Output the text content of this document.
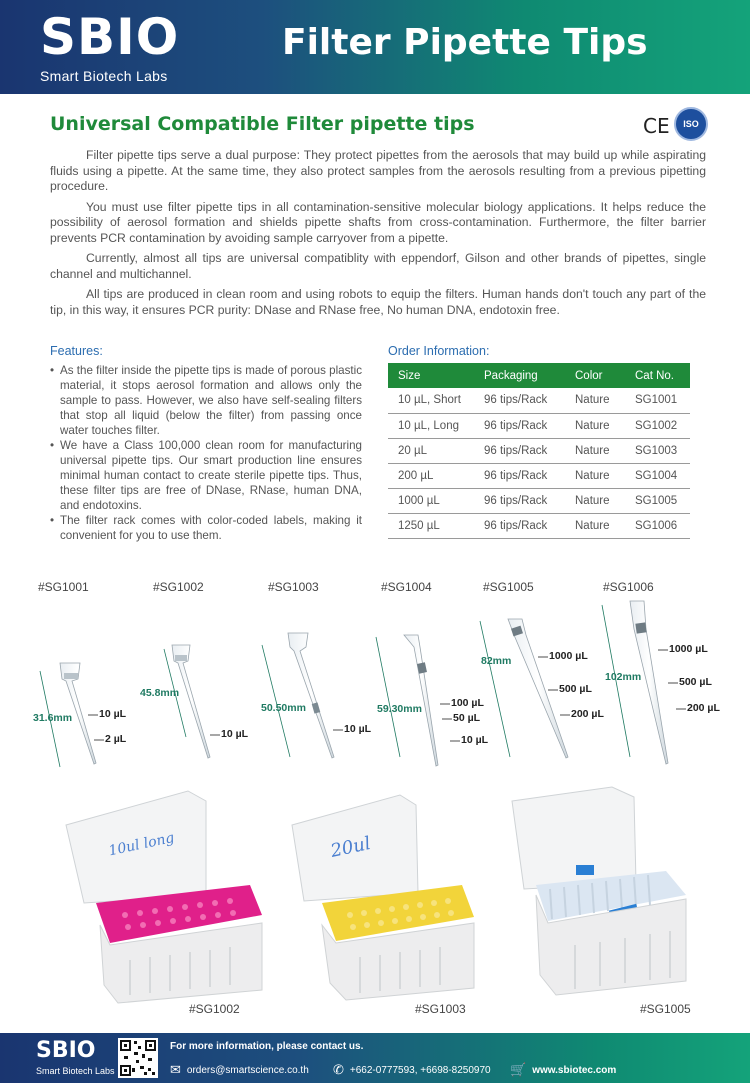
SBIO
Smart Biotech Labs
Filter Pipette Tips
Universal Compatible Filter pipette tips	CE	ISO

Filter pipette tips serve a dual purpose: They protect pipettes from the aerosols that may build up while aspirating fluids using a pipette. At the same time, they also protect samples from the aerosols resulting from a previous pipetting procedure.

You must use filter pipette tips in all contamination-sensitive molecular biology applications. It helps reduce the possibility of aerosol formation and shields pipette shafts from cross-contamination. Furthermore, the filter barrier prevents PCR contamination by avoiding sample carryover from a pipette.

Currently, almost all tips are universal compatiblity with eppendorf, Gilson and other brands of pipettes, single channel and multichannel.

All tips are produced in clean room and using robots to equip the filters. Human hands don't touch any part of the tip, in this way, it ensures PCR purity: DNase and RNase free, No human DNA, endotoxin free.

Features:
• As the filter inside the pipette tips is made of porous plastic material, it stops aerosol formation and allows only the sample to pass. However, we also have self-sealing filters that stop all liquid (below the filter) from passing once water touches filter.
• We have a Class 100,000 clean room for manufacturing universal pipette tips. Our smart production line ensures minimal human contact to create sterile pipette tips. Thus, these filter tips are free of DNase, RNase, human DNA, and endotoxins.
• The filter rack comes with color-coded labels, making it convenient for you to use them.
Order Information:
Size	Packaging	Color	Cat No.
10 µL, Short	96 tips/Rack	Nature	SG1001
10 µL, Long	96 tips/Rack	Nature	SG1002
20 µL	96 tips/Rack	Nature	SG1003
200 µL	96 tips/Rack	Nature	SG1004
1000 µL	96 tips/Rack	Nature	SG1005
1250 µL	96 tips/Rack	Nature	SG1006
#SG1001	#SG1002	#SG1003	#SG1004	#SG1005	#SG1006
31.6mm
45.8mm
50.50mm	59.30mm
82mm
102mm
10 µL
2 µL	10 µL	10 µL
100 µL
50 µL
10 µL
1000 µL
500 µL
200 µL
1000 µL
500 µL
200 µL
10ul long	20ul
#SG1002	#SG1003	#SG1005
SBIO
Smart Biotech Labs
For more information, please contact us.
✉ orders@smartscience.co.th ✆ +662-0777593, +6698-8250970 🛒 www.sbiotec.com
